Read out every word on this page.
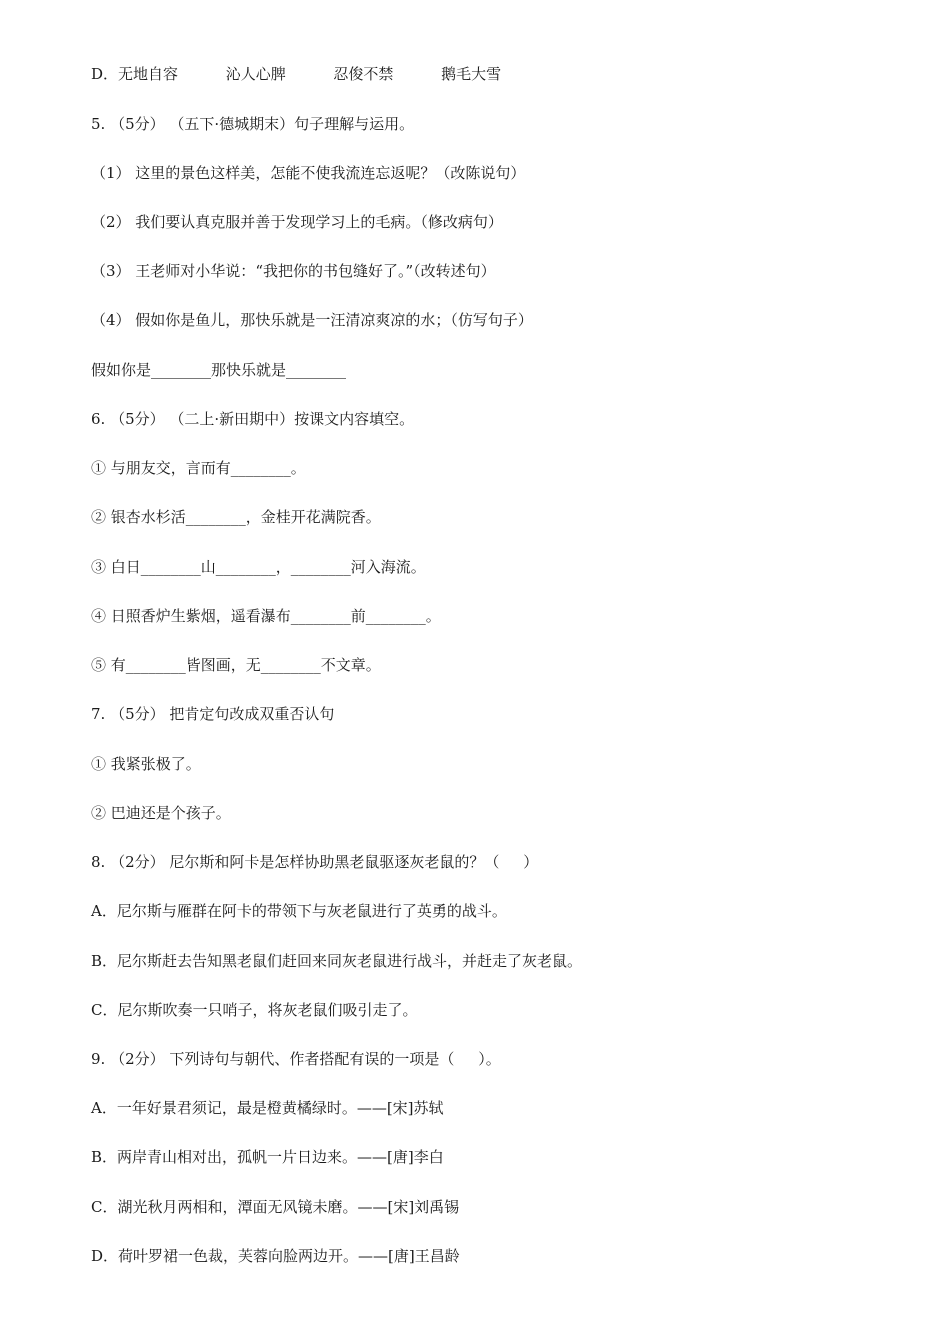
D．无地自容          沁人心脾          忍俊不禁          鹅毛大雪
5. （5分） （五下·德城期末）句子理解与运用。
（1） 这里的景色这样美，怎能不使我流连忘返呢？（改陈说句）
（2） 我们要认真克服并善于发现学习上的毛病。（修改病句）
（3） 王老师对小华说：“我把你的书包缝好了。”（改转述句）
（4） 假如你是鱼儿，那快乐就是一汪清凉爽凉的水；（仿写句子）
假如你是________那快乐就是________
6. （5分） （二上·新田期中）按课文内容填空。
① 与朋友交，言而有________。
② 银杏水杉活________，金桂开花满院香。
③ 白日________山________，________河入海流。
④ 日照香炉生紫烟，遥看瀑布________前________。
⑤ 有________皆图画，无________不文章。
7. （5分） 把肯定句改成双重否认句
① 我紧张极了。
② 巴迪还是个孩子。
8. （2分） 尼尔斯和阿卡是怎样协助黑老鼠驱逐灰老鼠的？（     ）
A．尼尔斯与雁群在阿卡的带领下与灰老鼠进行了英勇的战斗。
B．尼尔斯赶去告知黑老鼠们赶回来同灰老鼠进行战斗，并赶走了灰老鼠。
C．尼尔斯吹奏一只哨子，将灰老鼠们吸引走了。
9. （2分） 下列诗句与朝代、作者搭配有误的一项是（     ）。
A．一年好景君须记，最是橙黄橘绿时。——[宋]苏轼
B．两岸青山相对出，孤帆一片日边来。——[唐]李白
C．湖光秋月两相和，潭面无风镜未磨。——[宋]刘禹锡
D．荷叶罗裙一色裁，芙蓉向脸两边开。——[唐]王昌龄
